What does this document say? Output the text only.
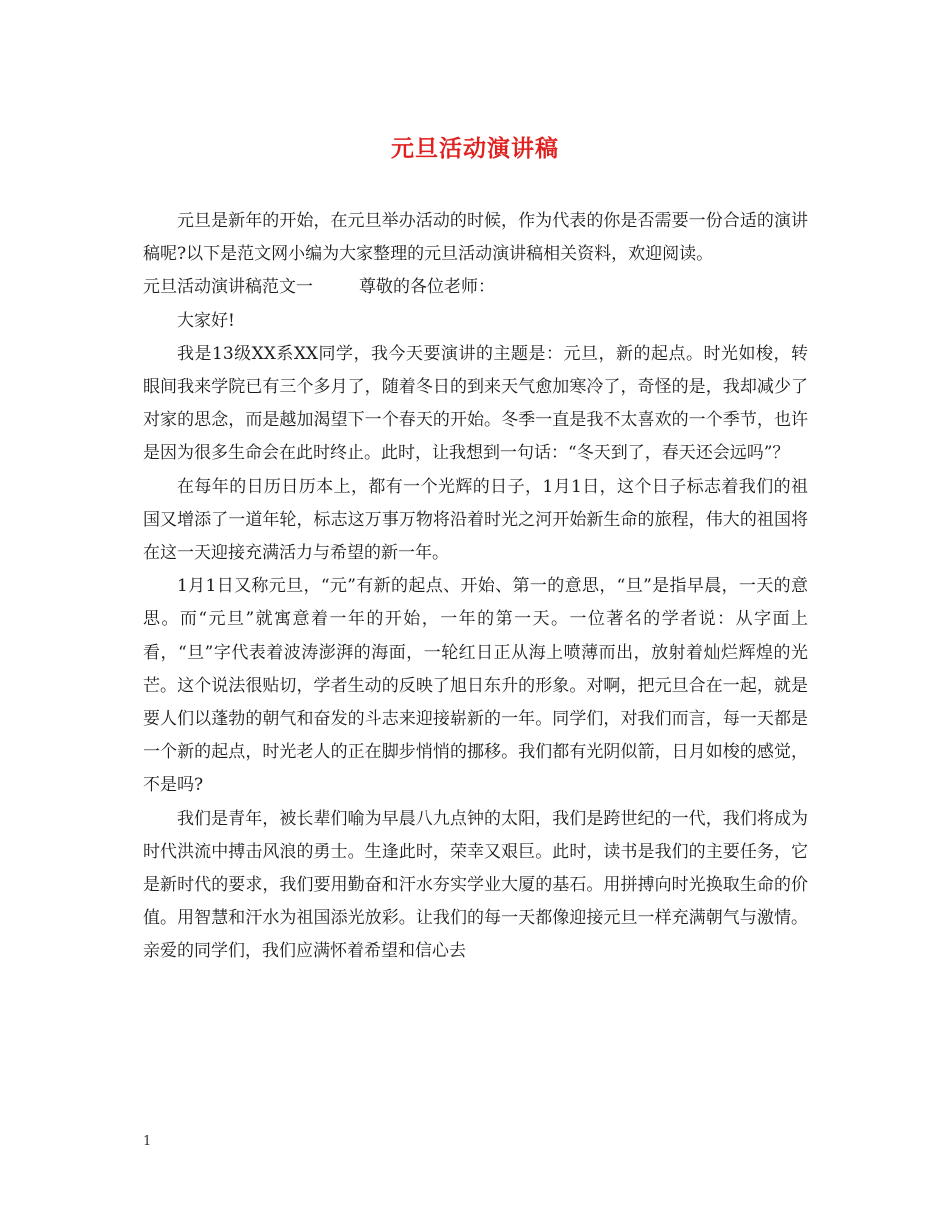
元旦活动演讲稿

元旦是新年的开始，在元旦举办活动的时候，作为代表的你是否需要一份合适的演讲稿呢?以下是范文网小编为大家整理的元旦活动演讲稿相关资料，欢迎阅读。

元旦活动演讲稿范文一	尊敬的各位老师：

大家好!

我是13级XX系XX同学，我今天要演讲的主题是：元旦，新的起点。时光如梭，转眼间我来学院已有三个多月了，随着冬日的到来天气愈加寒冷了，奇怪的是，我却减少了对家的思念，而是越加渴望下一个春天的开始。冬季一直是我不太喜欢的一个季节，也许是因为很多生命会在此时终止。此时，让我想到一句话：“冬天到了，春天还会远吗”？

在每年的日历日历本上，都有一个光辉的日子，1月1日，这个日子标志着我们的祖国又增添了一道年轮，标志这万事万物将沿着时光之河开始新生命的旅程，伟大的祖国将在这一天迎接充满活力与希望的新一年。

1月1日又称元旦，“元”有新的起点、开始、第一的意思，“旦”是指早晨，一天的意思。而“元旦”就寓意着一年的开始，一年的第一天。一位著名的学者说：从字面上看，“旦”字代表着波涛澎湃的海面，一轮红日正从海上喷薄而出，放射着灿烂辉煌的光芒。这个说法很贴切，学者生动的反映了旭日东升的形象。对啊，把元旦合在一起，就是要人们以蓬勃的朝气和奋发的斗志来迎接崭新的一年。同学们，对我们而言，每一天都是一个新的起点，时光老人的正在脚步悄悄的挪移。我们都有光阴似箭，日月如梭的感觉，不是吗?

我们是青年，被长辈们喻为早晨八九点钟的太阳，我们是跨世纪的一代，我们将成为时代洪流中搏击风浪的勇士。生逢此时，荣幸又艰巨。此时，读书是我们的主要任务，它是新时代的要求，我们要用勤奋和汗水夯实学业大厦的基石。用拼搏向时光换取生命的价值。用智慧和汗水为祖国添光放彩。让我们的每一天都像迎接元旦一样充满朝气与激情。亲爱的同学们，我们应满怀着希望和信心去

1
